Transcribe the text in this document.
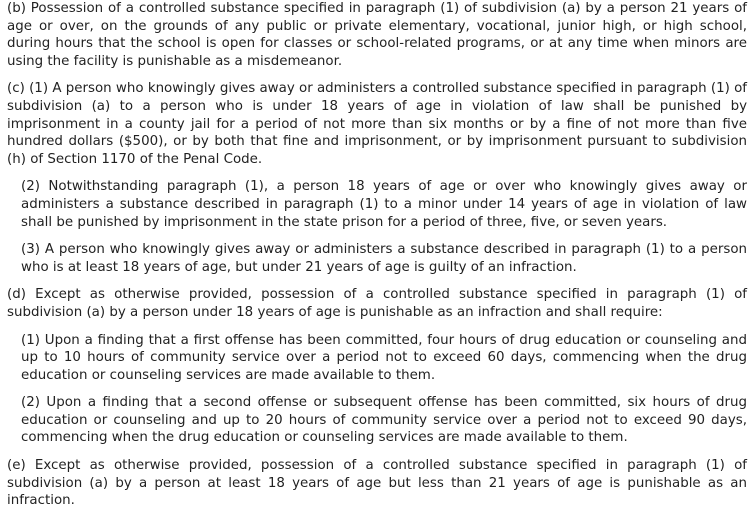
(b) Possession of a controlled substance specified in paragraph (1) of subdivision (a) by a person 21 years of age or over, on the grounds of any public or private elementary, vocational, junior high, or high school, during hours that the school is open for classes or school-related programs, or at any time when minors are using the facility is punishable as a misdemeanor.

(c) (1) A person who knowingly gives away or administers a controlled substance specified in paragraph (1) of subdivision (a) to a person who is under 18 years of age in violation of law shall be punished by imprisonment in a county jail for a period of not more than six months or by a fine of not more than five hundred dollars ($500), or by both that fine and imprisonment, or by imprisonment pursuant to subdivision (h) of Section 1170 of the Penal Code.

(2) Notwithstanding paragraph (1), a person 18 years of age or over who knowingly gives away or administers a substance described in paragraph (1) to a minor under 14 years of age in violation of law shall be punished by imprisonment in the state prison for a period of three, five, or seven years.

(3) A person who knowingly gives away or administers a substance described in paragraph (1) to a person who is at least 18 years of age, but under 21 years of age is guilty of an infraction.

(d) Except as otherwise provided, possession of a controlled substance specified in paragraph (1) of subdivision (a) by a person under 18 years of age is punishable as an infraction and shall require:

(1) Upon a finding that a first offense has been committed, four hours of drug education or counseling and up to 10 hours of community service over a period not to exceed 60 days, commencing when the drug education or counseling services are made available to them.

(2) Upon a finding that a second offense or subsequent offense has been committed, six hours of drug education or counseling and up to 20 hours of community service over a period not to exceed 90 days, commencing when the drug education or counseling services are made available to them.

(e) Except as otherwise provided, possession of a controlled substance specified in paragraph (1) of subdivision (a) by a person at least 18 years of age but less than 21 years of age is punishable as an infraction.
